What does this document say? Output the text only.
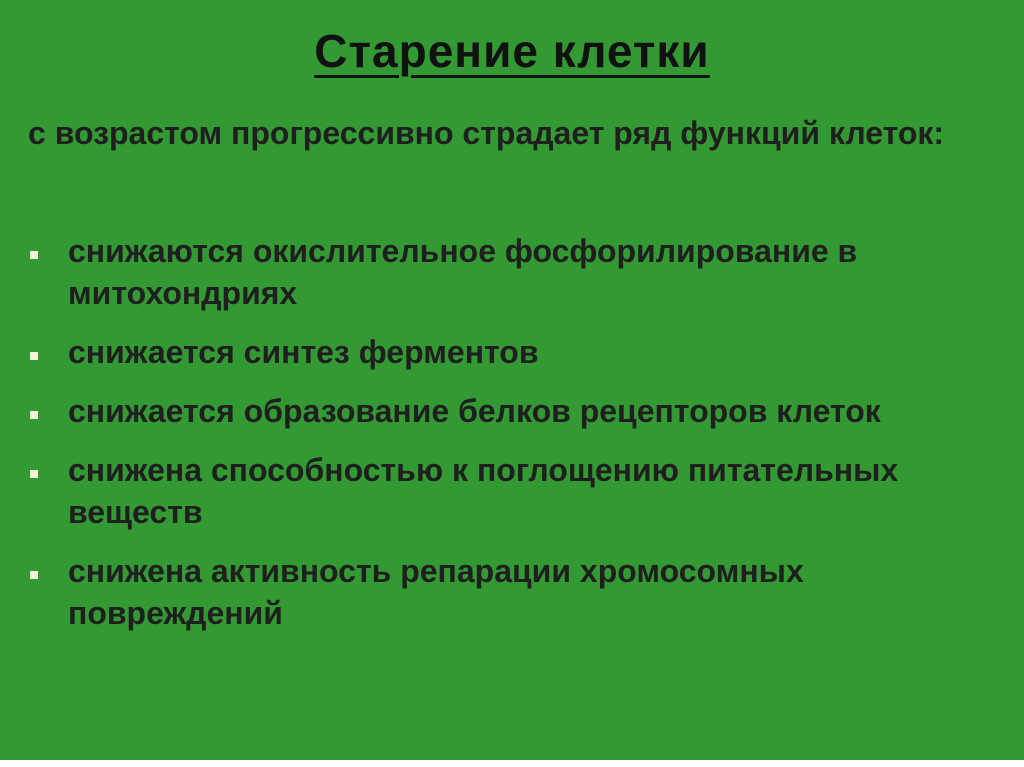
Старение клетки

с возрастом прогрессивно страдает ряд функций клеток:

снижаются окислительное фосфорилирование в митохондриях
снижается синтез ферментов
снижается образование белков рецепторов клеток
снижена способностью к поглощению питательных веществ
снижена активность репарации хромосомных повреждений
